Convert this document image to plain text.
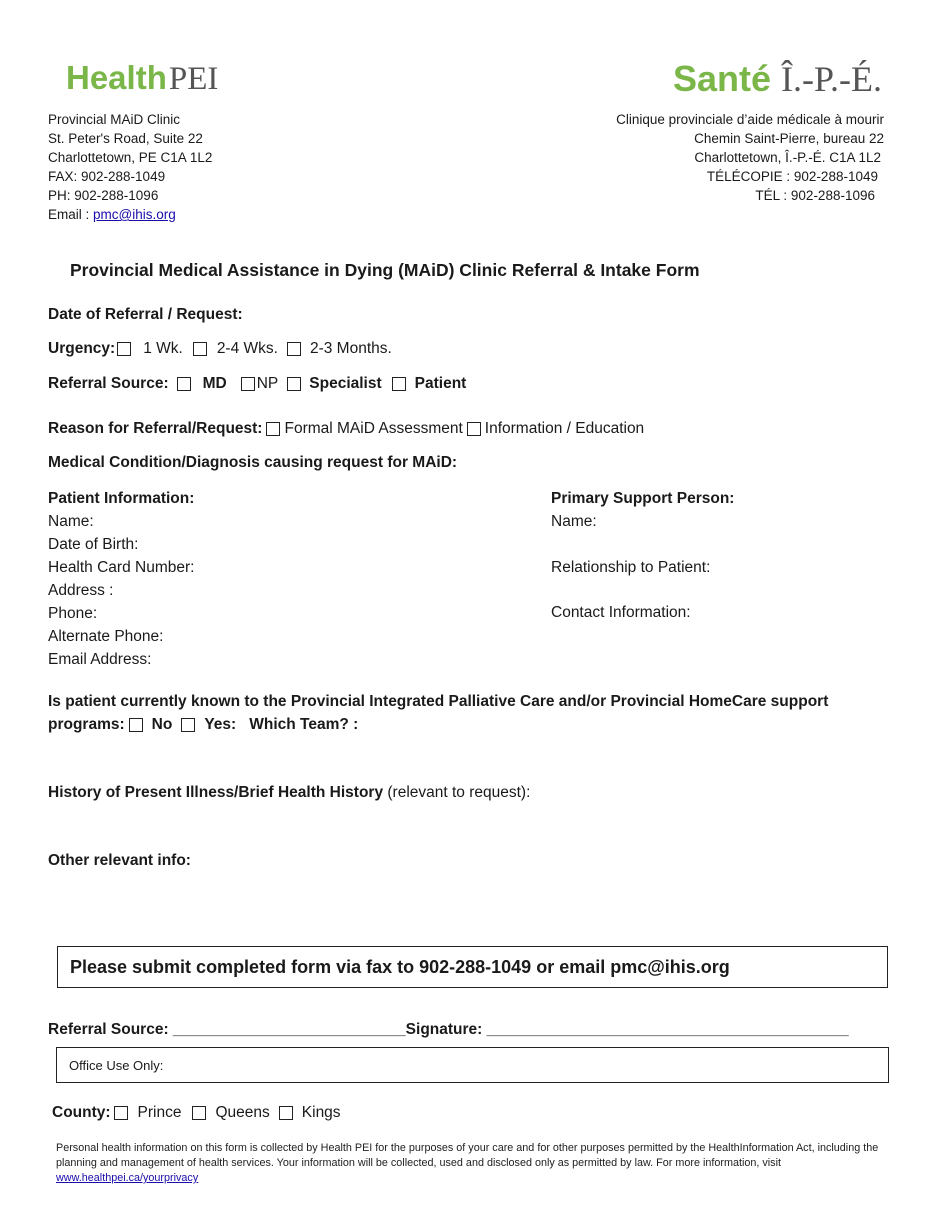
HealthPEI	Santé Î.-P.-É.
Provincial MAiD Clinic
St. Peter's Road, Suite 22
Charlottetown, PE C1A 1L2
FAX: 902-288-1049
PH: 902-288-1096
Email : pmc@ihis.org
Clinique provinciale d’aide médicale à mourir
Chemin Saint-Pierre, bureau 22
Charlottetown, Î.-P.-É. C1A 1L2
TÉLÉCOPIE : 902-288-1049
TÉL : 902-288-1096
Provincial Medical Assistance in Dying (MAiD) Clinic Referral & Intake Form
Date of Referral / Request:
Urgency: 1 Wk. 2-4 Wks. 2-3 Months.
Referral Source: MD NP Specialist Patient
Reason for Referral/Request: Formal MAiD Assessment Information / Education
Medical Condition/Diagnosis causing request for MAiD:
Patient Information:
Name:
Date of Birth:
Health Card Number:
Address :
Phone:
Alternate Phone:
Email Address:
Primary Support Person:
Name:
Relationship to Patient:
Contact Information:
Is patient currently known to the Provincial Integrated Palliative Care and/or Provincial HomeCare support
programs: No Yes: Which Team? :
History of Present Illness/Brief Health History (relevant to request):
Other relevant info:
Please submit completed form via fax to 902-288-1049 or email pmc@ihis.org
Referral Source: ___________________________ Signature: __________________________________________
Office Use Only:
County: Prince Queens Kings
Personal health information on this form is collected by Health PEI for the purposes of your care and for other purposes permitted by the HealthInformation Act, including the planning and management of health services. Your information will be collected, used and disclosed only as permitted by law. For more information, visit www.healthpei.ca/yourprivacy
